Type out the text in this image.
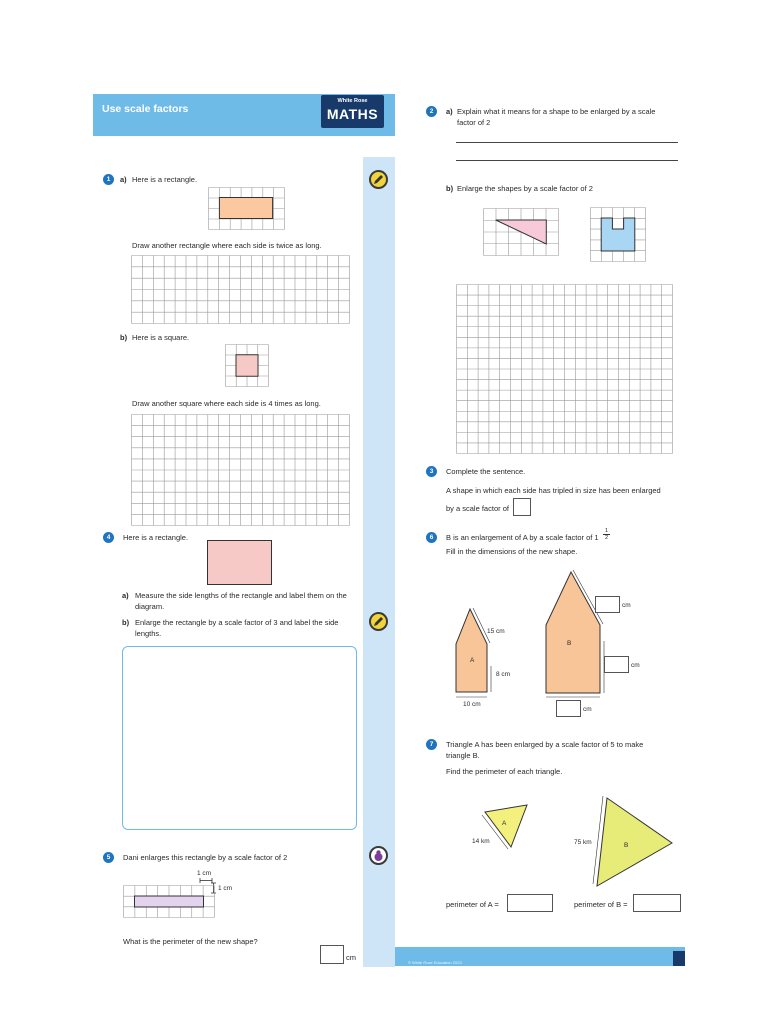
Use scale factors
White Rose
MATHS
© White Rose Education 2023
1	a) Here is a rectangle.
Draw another rectangle where each side is twice as long.
b) Here is a square.
Draw another square where each side is 4 times as long.
2	a) Explain what it means for a shape to be enlarged by a scale factor of 2
b) Enlarge the shapes by a scale factor of 2
3	Complete the sentence.
A shape in which each side has tripled in size has been enlarged
by a scale factor of
4	Here is a rectangle.
a) Measure the side lengths of the rectangle and label them on the diagram.
b) Enlarge the rectangle by a scale factor of 3 and label the side lengths.
5	Dani enlarges this rectangle by a scale factor of 2
1 cm
1 cm
What is the perimeter of the new shape?
cm
6	B is an enlargement of A by a scale factor of $1 \frac{1}{2}$
Fill in the dimensions of the new shape.
A
15 cm
8 cm
10 cm
B
cm
cm
cm
7	Triangle A has been enlarged by a scale factor of 5 to make triangle B.
Find the perimeter of each triangle.
A
14 km
B
75 km
perimeter of A =	perimeter of B =
